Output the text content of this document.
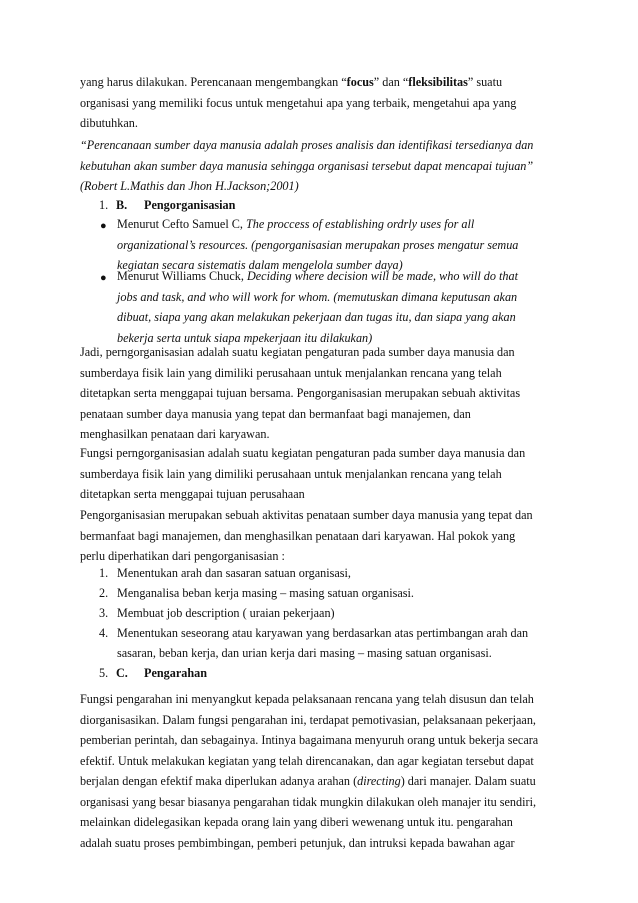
yang harus dilakukan. Perencanaan mengembangkan “focus” dan “fleksibilitas” suatu
organisasi yang memiliki focus untuk mengetahui apa yang terbaik, mengetahui apa yang
dibutuhkan.
“Perencanaan sumber daya manusia adalah proses analisis dan identifikasi tersedianya dan
kebutuhan akan sumber daya manusia sehingga organisasi tersebut dapat mencapai tujuan”
(Robert L.Mathis dan Jhon H.Jackson;2001)
1. B. Pengorganisasian
● Menurut Cefto Samuel C, The proccess of establishing ordrly uses for all
organizational’s resources. (pengorganisasian merupakan proses mengatur semua
kegiatan secara sistematis dalam mengelola sumber daya)
● Menurut Williams Chuck, Deciding where decision will be made, who will do that
jobs and task, and who will work for whom. (memutuskan dimana keputusan akan
dibuat, siapa yang akan melakukan pekerjaan dan tugas itu, dan siapa yang akan
bekerja serta untuk siapa mpekerjaan itu dilakukan)
Jadi, perngorganisasian adalah suatu kegiatan pengaturan pada sumber daya manusia dan
sumberdaya fisik lain yang dimiliki perusahaan untuk menjalankan rencana yang telah
ditetapkan serta menggapai tujuan bersama. Pengorganisasian merupakan sebuah aktivitas
penataan sumber daya manusia yang tepat dan bermanfaat bagi manajemen, dan
menghasilkan penataan dari karyawan.
Fungsi perngorganisasian adalah suatu kegiatan pengaturan pada sumber daya manusia dan
sumberdaya fisik lain yang dimiliki perusahaan untuk menjalankan rencana yang telah
ditetapkan serta menggapai tujuan perusahaan
Pengorganisasian merupakan sebuah aktivitas penataan sumber daya manusia yang tepat dan
bermanfaat bagi manajemen, dan menghasilkan penataan dari karyawan. Hal pokok yang
perlu diperhatikan dari pengorganisasian :
1. Menentukan arah dan sasaran satuan organisasi,
2. Menganalisa beban kerja masing – masing satuan organisasi.
3. Membuat job description ( uraian pekerjaan)
4. Menentukan seseorang atau karyawan yang berdasarkan atas pertimbangan arah dan
sasaran, beban kerja, dan urian kerja dari masing – masing satuan organisasi.
5. C. Pengarahan
Fungsi pengarahan ini menyangkut kepada pelaksanaan rencana yang telah disusun dan telah
diorganisasikan. Dalam fungsi pengarahan ini, terdapat pemotivasian, pelaksanaan pekerjaan,
pemberian perintah, dan sebagainya. Intinya bagaimana menyuruh orang untuk bekerja secara
efektif. Untuk melakukan kegiatan yang telah direncanakan, dan agar kegiatan tersebut dapat
berjalan dengan efektif maka diperlukan adanya arahan (directing) dari manajer. Dalam suatu
organisasi yang besar biasanya pengarahan tidak mungkin dilakukan oleh manajer itu sendiri,
melainkan didelegasikan kepada orang lain yang diberi wewenang untuk itu. pengarahan
adalah suatu proses pembimbingan, pemberi petunjuk, dan intruksi kepada bawahan agar
